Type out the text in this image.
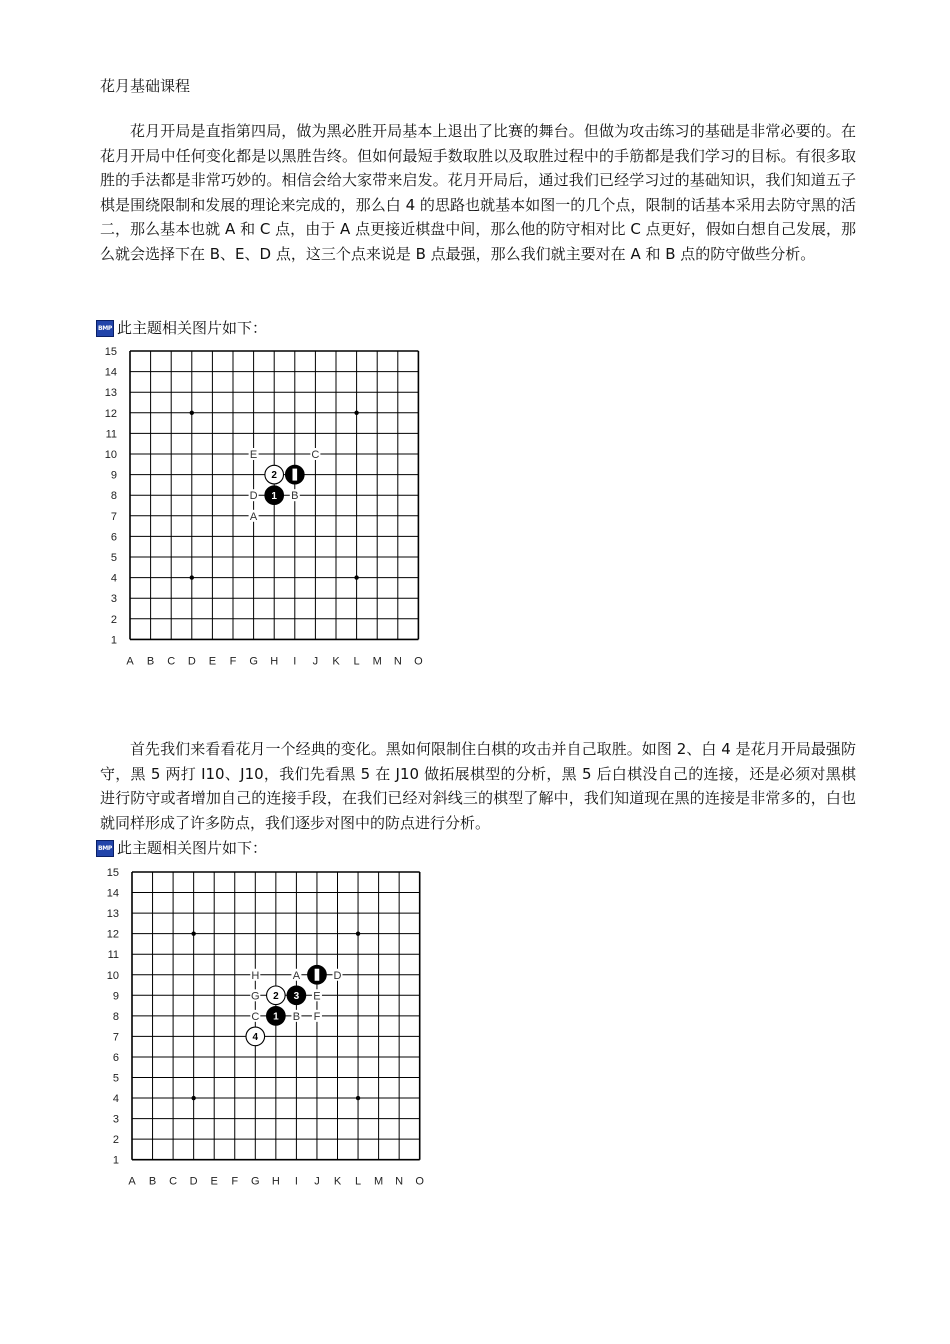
花月基础课程

花月开局是直指第四局，做为黑必胜开局基本上退出了比赛的舞台。但做为攻击练习的基础是非常必要的。在花月开局中任何变化都是以黑胜告终。但如何最短手数取胜以及取胜过程中的手筋都是我们学习的目标。有很多取胜的手法都是非常巧妙的。相信会给大家带来启发。花月开局后，通过我们已经学习过的基础知识，我们知道五子棋是围绕限制和发展的理论来完成的，那么白 4 的思路也就基本如图一的几个点，限制的话基本采用去防守黑的活二，那么基本也就 A 和 C 点，由于 A 点更接近棋盘中间，那么他的防守相对比 C 点更好，假如白想自己发展，那么就会选择下在 B、E、D 点，这三个点来说是 B 点最强，那么我们就主要对在 A 和 B 点的防守做些分析。

BMP 此主题相关图片如下：
15
14
13
12
11
10
9
8
7
6
5
4
3
2
1
A B C D E F G H I J K L M N O
E	C
D	B
A
1
2

首先我们来看看花月一个经典的变化。黑如何限制住白棋的攻击并自己取胜。如图 2、白 4 是花月开局最强防守，黑 5 两打 I10、J10，我们先看黑 5 在 J10 做拓展棋型的分析，黑 5 后白棋没自己的连接，还是必须对黑棋进行防守或者增加自己的连接手段，在我们已经对斜线三的棋型了解中，我们知道现在黑的连接是非常多的，白也就同样形成了许多防点，我们逐步对图中的防点进行分析。

BMP 此主题相关图片如下：
15
14
13
12
11
10
9
8
7
6
5
4
3
2
1
A B C D E F G H I J K L M N O
H	A	D
G	E
C	B F
1
2 3
4
